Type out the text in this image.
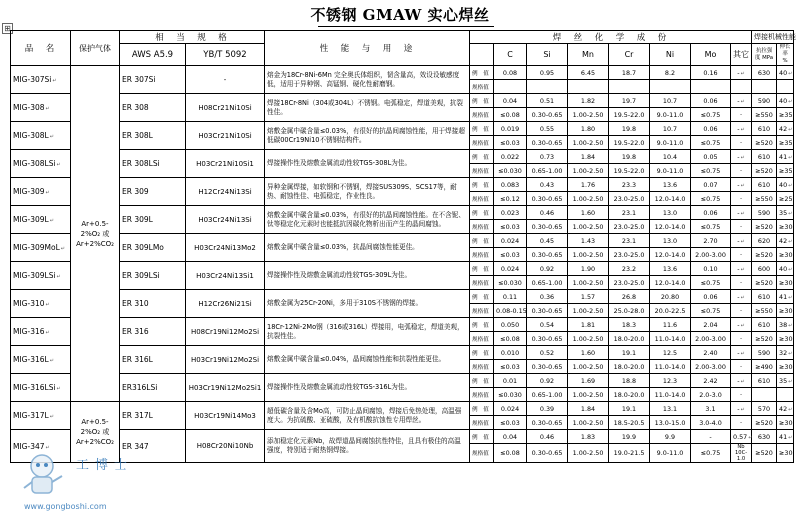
不锈钢 GMAW 实心焊丝
⊞
品　名	保护气体	相　当　规　格		性　能　与　用　途	焊　丝　化　学　成　份								焊接机械性能	
		AWS A5.9	YB/T 5092			C	Si	Mn	Cr	Ni	Mo	其它	抗拉强度 MPa	伸长率 %
MIG-307Si↵	Ar+0.5-2%O₂ 或Ar+2%CO₂	ER 307Si	-	熔金为18Cr-8Ni-6Mn 完全奥氏体组织，韧含量高，效设设敏感度低，适用于异种钢、高锰钢、硬化性耐磨钢。	例　值	0.08	0.95	6.45	18.7	8.2	0.16	-↵	630	40↵
					规格值									
MIG-308↵		ER 308	H08Cr21Ni10Si	焊接18Cr-8Ni（304或304L）不锈钢。电弧稳定，焊道美观，抗裂性佳。	例　值	0.04	0.51	1.82	19.7	10.7	0.06	-↵	590	40↵
					规格值	≤0.08	0.30-0.65	1.00-2.50	19.5-22.0	9.0-11.0	≤0.75	-	≥550	≥35
MIG-308L↵		ER 308L	H03Cr21Ni10Si	熔敷金属中碳含量≤0.03%，有很好的抗晶间腐蚀性能，用于焊接超低碳00Cr19Ni10不锈钢结构件。	例　值	0.019	0.55	1.80	19.8	10.7	0.06	-↵	610	42↵
					规格值	≤0.03	0.30-0.65	1.00-2.50	19.5-22.0	9.0-11.0	≤0.75	-	≥520	≥35
MIG-308LSi↵		ER 308LSi	H03Cr21Ni10Si1	焊接操作性及熔敷金属流动性较TGS-308L为佳。	例　值	0.022	0.73	1.84	19.8	10.4	0.05	-↵	610	41↵
					规格值	≤0.030	0.65-1.00	1.00-2.50	19.5-22.0	9.0-11.0	≤0.75	-	≥520	≥35
MIG-309↵		ER 309	H12Cr24Ni13Si	异种金属焊接，如软钢和不锈钢，焊接SUS309S、SCS17等，耐热、耐蚀性佳、电弧稳定，作业性良。	例　值	0.083	0.43	1.76	23.3	13.6	0.07	-↵	610	40↵
					规格值	≤0.12	0.30-0.65	1.00-2.50	23.0-25.0	12.0-14.0	≤0.75	-	≥550	≥25
MIG-309L↵		ER 309L	H03Cr24Ni13Si	熔敷金属中碳含量≤0.03%，有很好的抗晶间腐蚀性能。在不含铌、钛等稳定化元素时也能抵抗因碳化物析出而产生的晶间腐蚀。	例　值	0.023	0.46	1.60	23.1	13.0	0.06	-↵	590	35↵
					规格值	≤0.03	0.30-0.65	1.00-2.50	23.0-25.0	12.0-14.0	≤0.75	-	≥520	≥30
MIG-309MoL↵		ER 309LMo	H03Cr24Ni13Mo2	熔敷金属中碳含量≤0.03%，抗晶间腐蚀性能更佳。	例　值	0.024	0.45	1.43	23.1	13.0	2.70	-↵	620	42↵
					规格值	≤0.03	0.30-0.65	1.00-2.50	23.0-25.0	12.0-14.0	2.00-3.00	-	≥520	≥30
MIG-309LSi↵		ER 309LSi	H03Cr24Ni13Si1	焊接操作性及熔敷金属流动性较TGS-309L为佳。	例　值	0.024	0.92	1.90	23.2	13.6	0.10	-↵	600	40↵
					规格值	≤0.030	0.65-1.00	1.00-2.50	23.0-25.0	12.0-14.0	≤0.75	-	≥520	≥30
MIG-310↵		ER 310	H12Cr26Ni21Si	熔敷金属为25Cr-20Ni，多用于310S不锈钢的焊接。	例　值	0.11	0.36	1.57	26.8	20.80	0.06	-↵	610	41↵
					规格值	0.08-0.15	0.30-0.65	1.00-2.50	25.0-28.0	20.0-22.5	≤0.75	-	≥550	≥30
MIG-316↵		ER 316	H08Cr19Ni12Mo2Si	18Cr-12Ni-2Mo钢（316或316L）焊接用，电弧稳定，焊道美观，抗裂性佳。	例　值	0.050	0.54	1.81	18.3	11.6	2.04	-↵	610	38↵
					规格值	≤0.08	0.30-0.65	1.00-2.50	18.0-20.0	11.0-14.0	2.00-3.00	-	≥520	≥30
MIG-316L↵		ER 316L	H03Cr19Ni12Mo2Si	熔敷金属中碳含量≤0.04%，晶间腐蚀性能和抗裂性能更佳。	例　值	0.010	0.52	1.60	19.1	12.5	2.40	-↵	590	32↵
					规格值	≤0.03	0.30-0.65	1.00-2.50	18.0-20.0	11.0-14.0	2.00-3.00	-	≥490	≥30
MIG-316LSi↵		ER316LSi	H03Cr19Ni12Mo2Si1	焊接操作性及熔敷金属流动性较TGS-316L为佳。	例　值	0.01	0.92	1.69	18.8	12.3	2.42	-↵	610	35↵
					规格值	≤0.030	0.65-1.00	1.00-2.50	18.0-20.0	11.0-14.0	2.0-3.0	-		
MIG-317L↵	Ar+0.5-2%O₂ 或 Ar+2%CO₂	ER 317L	H03Cr19Ni14Mo3	超低碳含量及含Mo高，可防止晶间腐蚀，焊接后免热处理，高温强度大。为抗硫酸、亚硫酸，及有机酸抗蚀性专用焊丝。	例　值	0.024	0.39	1.84	19.1	13.1	3.1	-↵	570	42↵
					规格值	≤0.03	0.30-0.65	1.00-2.50	18.5-20.5	13.0-15.0	3.0-4.0	-	≥520	≥30
MIG-347↵		ER 347	H08Cr20Ni10Nb	添加稳定化元素Nb，故焊道晶间腐蚀抗性特佳，且具有极佳的高温强度，特别适于耐热钢焊接。	例　值	0.04	0.46	1.83	19.9	9.9	-	0.57↵	630	41↵
					规格值	≤0.08	0.30-0.65	1.00-2.50	19.0-21.5	9.0-11.0	≤0.75	Nb 10C-1.0	≥520	≥30
工博士
www.gongboshi.com
